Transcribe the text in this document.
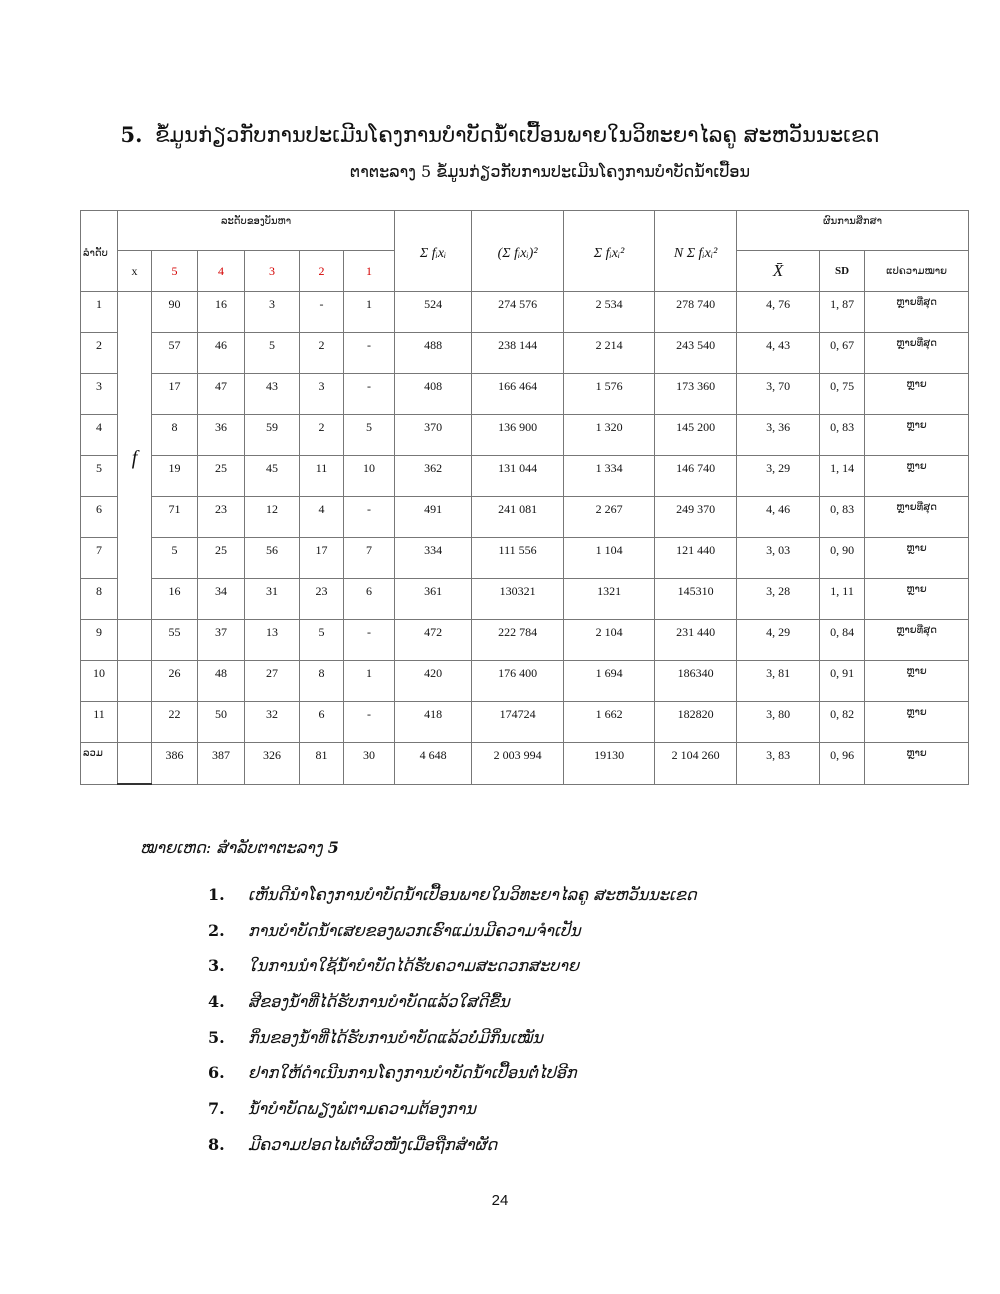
5. ຂໍ້ມູນກ່ຽວກັບການປະເມີນໂຄງການບຳບັດນ້ຳເປື້ອນພາຍໃນວິທະຍາໄລຄູ ສະຫວັນນະເຂດ
ຕາຕະລາງ 5 ຂໍ້ມູນກ່ຽວກັບການປະເມີນໂຄງການບຳບັດນ້ຳເປື້ອນ
ລຳດັບ	ລະດັບຂອງບັນຫາ						Σ fᵢxᵢ	(Σ fᵢxᵢ)²	Σ fᵢxᵢ²	N Σ fᵢxᵢ²	ຜົນການສຶກສາ		
	x	5	4	3	2	1					X̄	SD	ແປຄວາມໝາຍ
1	f	90	16	3	-	1	524	274 576	2 534	278 740	4, 76	1, 87	ຫຼາຍທີ່ສຸດ
2		57	46	5	2	-	488	238 144	2 214	243 540	4, 43	0, 67	ຫຼາຍທີ່ສຸດ
3		17	47	43	3	-	408	166 464	1 576	173 360	3, 70	0, 75	ຫຼາຍ
4		8	36	59	2	5	370	136 900	1 320	145 200	3, 36	0, 83	ຫຼາຍ
5		19	25	45	11	10	362	131 044	1 334	146 740	3, 29	1, 14	ຫຼາຍ
6		71	23	12	4	-	491	241 081	2 267	249 370	4, 46	0, 83	ຫຼາຍທີ່ສຸດ
7		5	25	56	17	7	334	111 556	1 104	121 440	3, 03	0, 90	ຫຼາຍ
8		16	34	31	23	6	361	130321	1321	145310	3, 28	1, 11	ຫຼາຍ
9		55	37	13	5	-	472	222 784	2 104	231 440	4, 29	0, 84	ຫຼາຍທີ່ສຸດ
10		26	48	27	8	1	420	176 400	1 694	186340	3, 81	0, 91	ຫຼາຍ
11		22	50	32	6	-	418	174724	1 662	182820	3, 80	0, 82	ຫຼາຍ
ລວມ		386	387	326	81	30	4 648	2 003 994	19130	2 104 260	3, 83	0, 96	ຫຼາຍ
ໝາຍເຫດ: ສຳລັບຕາຕະລາງ 5
1. ເຫັນດີນຳໂຄງການບຳບັດນ້ຳເປື້ອນພາຍໃນວິທະຍາໄລຄູ ສະຫວັນນະເຂດ
2. ການບຳບັດນ້ຳເສຍຂອງພວກເຮົາແມ່ນມີຄວາມຈຳເປັນ
3. ໃນການນຳໃຊ້ນ້ຳບຳບັດໄດ້ຮັບຄວາມສະດວກສະບາຍ
4. ສີຂອງນ້ຳທີ່ໄດ້ຮັບການບຳບັດແລ້ວໃສດີຂື້ນ
5. ກິ່ນຂອງນ້ຳທີ່ໄດ້ຮັບການບຳບັດແລ້ວບໍ່ມີກິ່ນເໝັນ
6. ຢາກໃຫ້ດຳເນີນການໂຄງການບຳບັດນ້ຳເປື້ອນຕໍ່ໄປອີກ
7. ນ້ຳບຳບັດພຽງພໍຕາມຄວາມຕ້ອງການ
8. ມີຄວາມປອດໄພຕໍ່ຜິວໜັງເມື່ອຖືກສຳຜັດ
24
